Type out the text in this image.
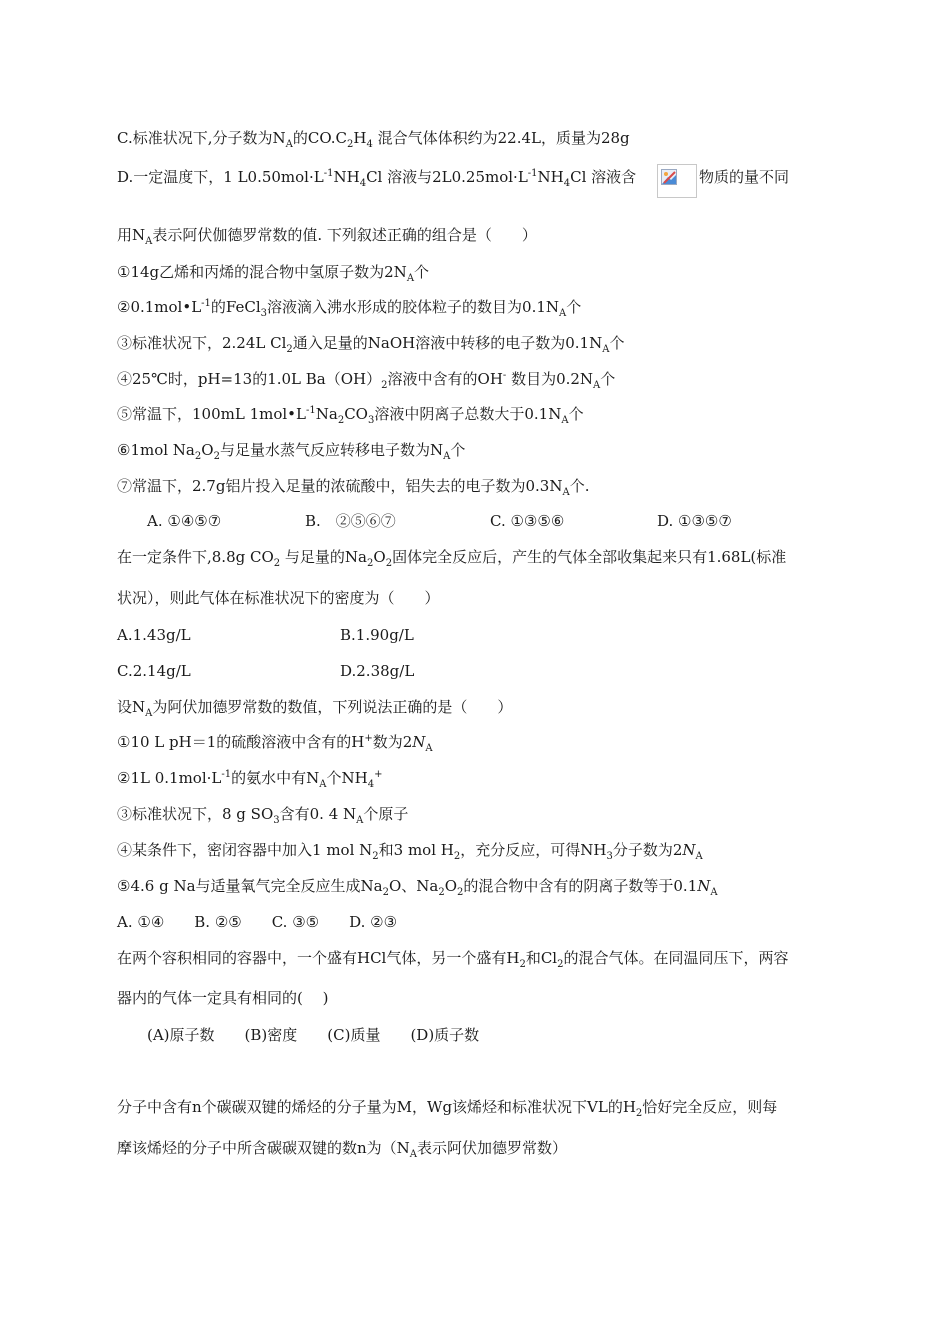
C.标准状况下,分子数为$N_A$的$CO.C_2H_4$ 混合气体体积约为22.4L，质量为28g
D.一定温度下，1 $L0.50mol\cdot L^{-1}NH_4Cl$ 溶液与$2L0.25mol\cdot L^{-1}NH_4Cl$ 溶液含	物质的量不同
用$N_A$表示阿伏伽德罗常数的值. 下列叙述正确的组合是（　　）
①14g乙烯和丙烯的混合物中氢原子数为$2N_A$个
$②0.1mol•L^{-1}$的FeCl$_3$溶液滴入沸水形成的胶体粒子的数目为$0.1N_A$个
③标准状况下，2.24L $Cl_2$通入足量的NaOH溶液中转移的电子数为$0.1N_A$个
④25℃时，pH=13的1.0L $Ba(OH)_2$溶液中含有的OH- 数目为$0.2N_A$个
⑤常温下，100mL $1mol•L^{-1}Na_2CO_3$溶液中阴离子总数大于$0.1N_A$个
⑥1mol $Na_2O_2$与足量水蒸气反应转移电子数为$N_A$个
⑦常温下，2.7g铝片投入足量的浓硫酸中，铝失去的电子数为$0.3N_A$个.
A. ①④⑤⑦	B.　②⑤⑥⑦	C. ①③⑤⑥	D. ①③⑤⑦
在一定条件下,8.8g $CO_2$ 与足量的$Na_2O_2$固体完全反应后，产生的气体全部收集起来只有1.68L(标准
状况），则此气体在标准状况下的密度为（　　）
A.1.43g/L	B.1.90g/L
C.2.14g/L	D.2.38g/L
设$N_A$为阿伏加德罗常数的数值，下列说法正确的是（　　）
①10 L pH＝1的硫酸溶液中含有的H+数为$2N_A$
②1L $0.1mol\cdot L^{-1}$的氨水中有$N_A$个$NH_4^+$
③标准状况下，8 g $SO_3$含有0. 4 $N_A$个原子
④某条件下，密闭容器中加入1 mol $N_2$和3 mol $H_2$，充分反应，可得$NH_3$分子数为$2N_A$
⑤4.6 g Na与适量氧气完全反应生成$Na_2O$、$Na_2O_2$的混合物中含有的阴离子数等于$0.1N_A$
A. ①④　　B. ②⑤　　C. ③⑤　　D. ②③
在两个容积相同的容器中，一个盛有HCl气体，另一个盛有$H_2$和$Cl_2$的混合气体。在同温同压下，两容
器内的气体一定具有相同的(　 )
(A)原子数　　(B)密度　　(C)质量　　(D)质子数
分子中含有n个碳碳双键的烯烃的分子量为M，Wg该烯烃和标准状况下VL的$H_2$恰好完全反应，则每
摩该烯烃的分子中所含碳碳双键的数n为（$N_A$表示阿伏加德罗常数）
